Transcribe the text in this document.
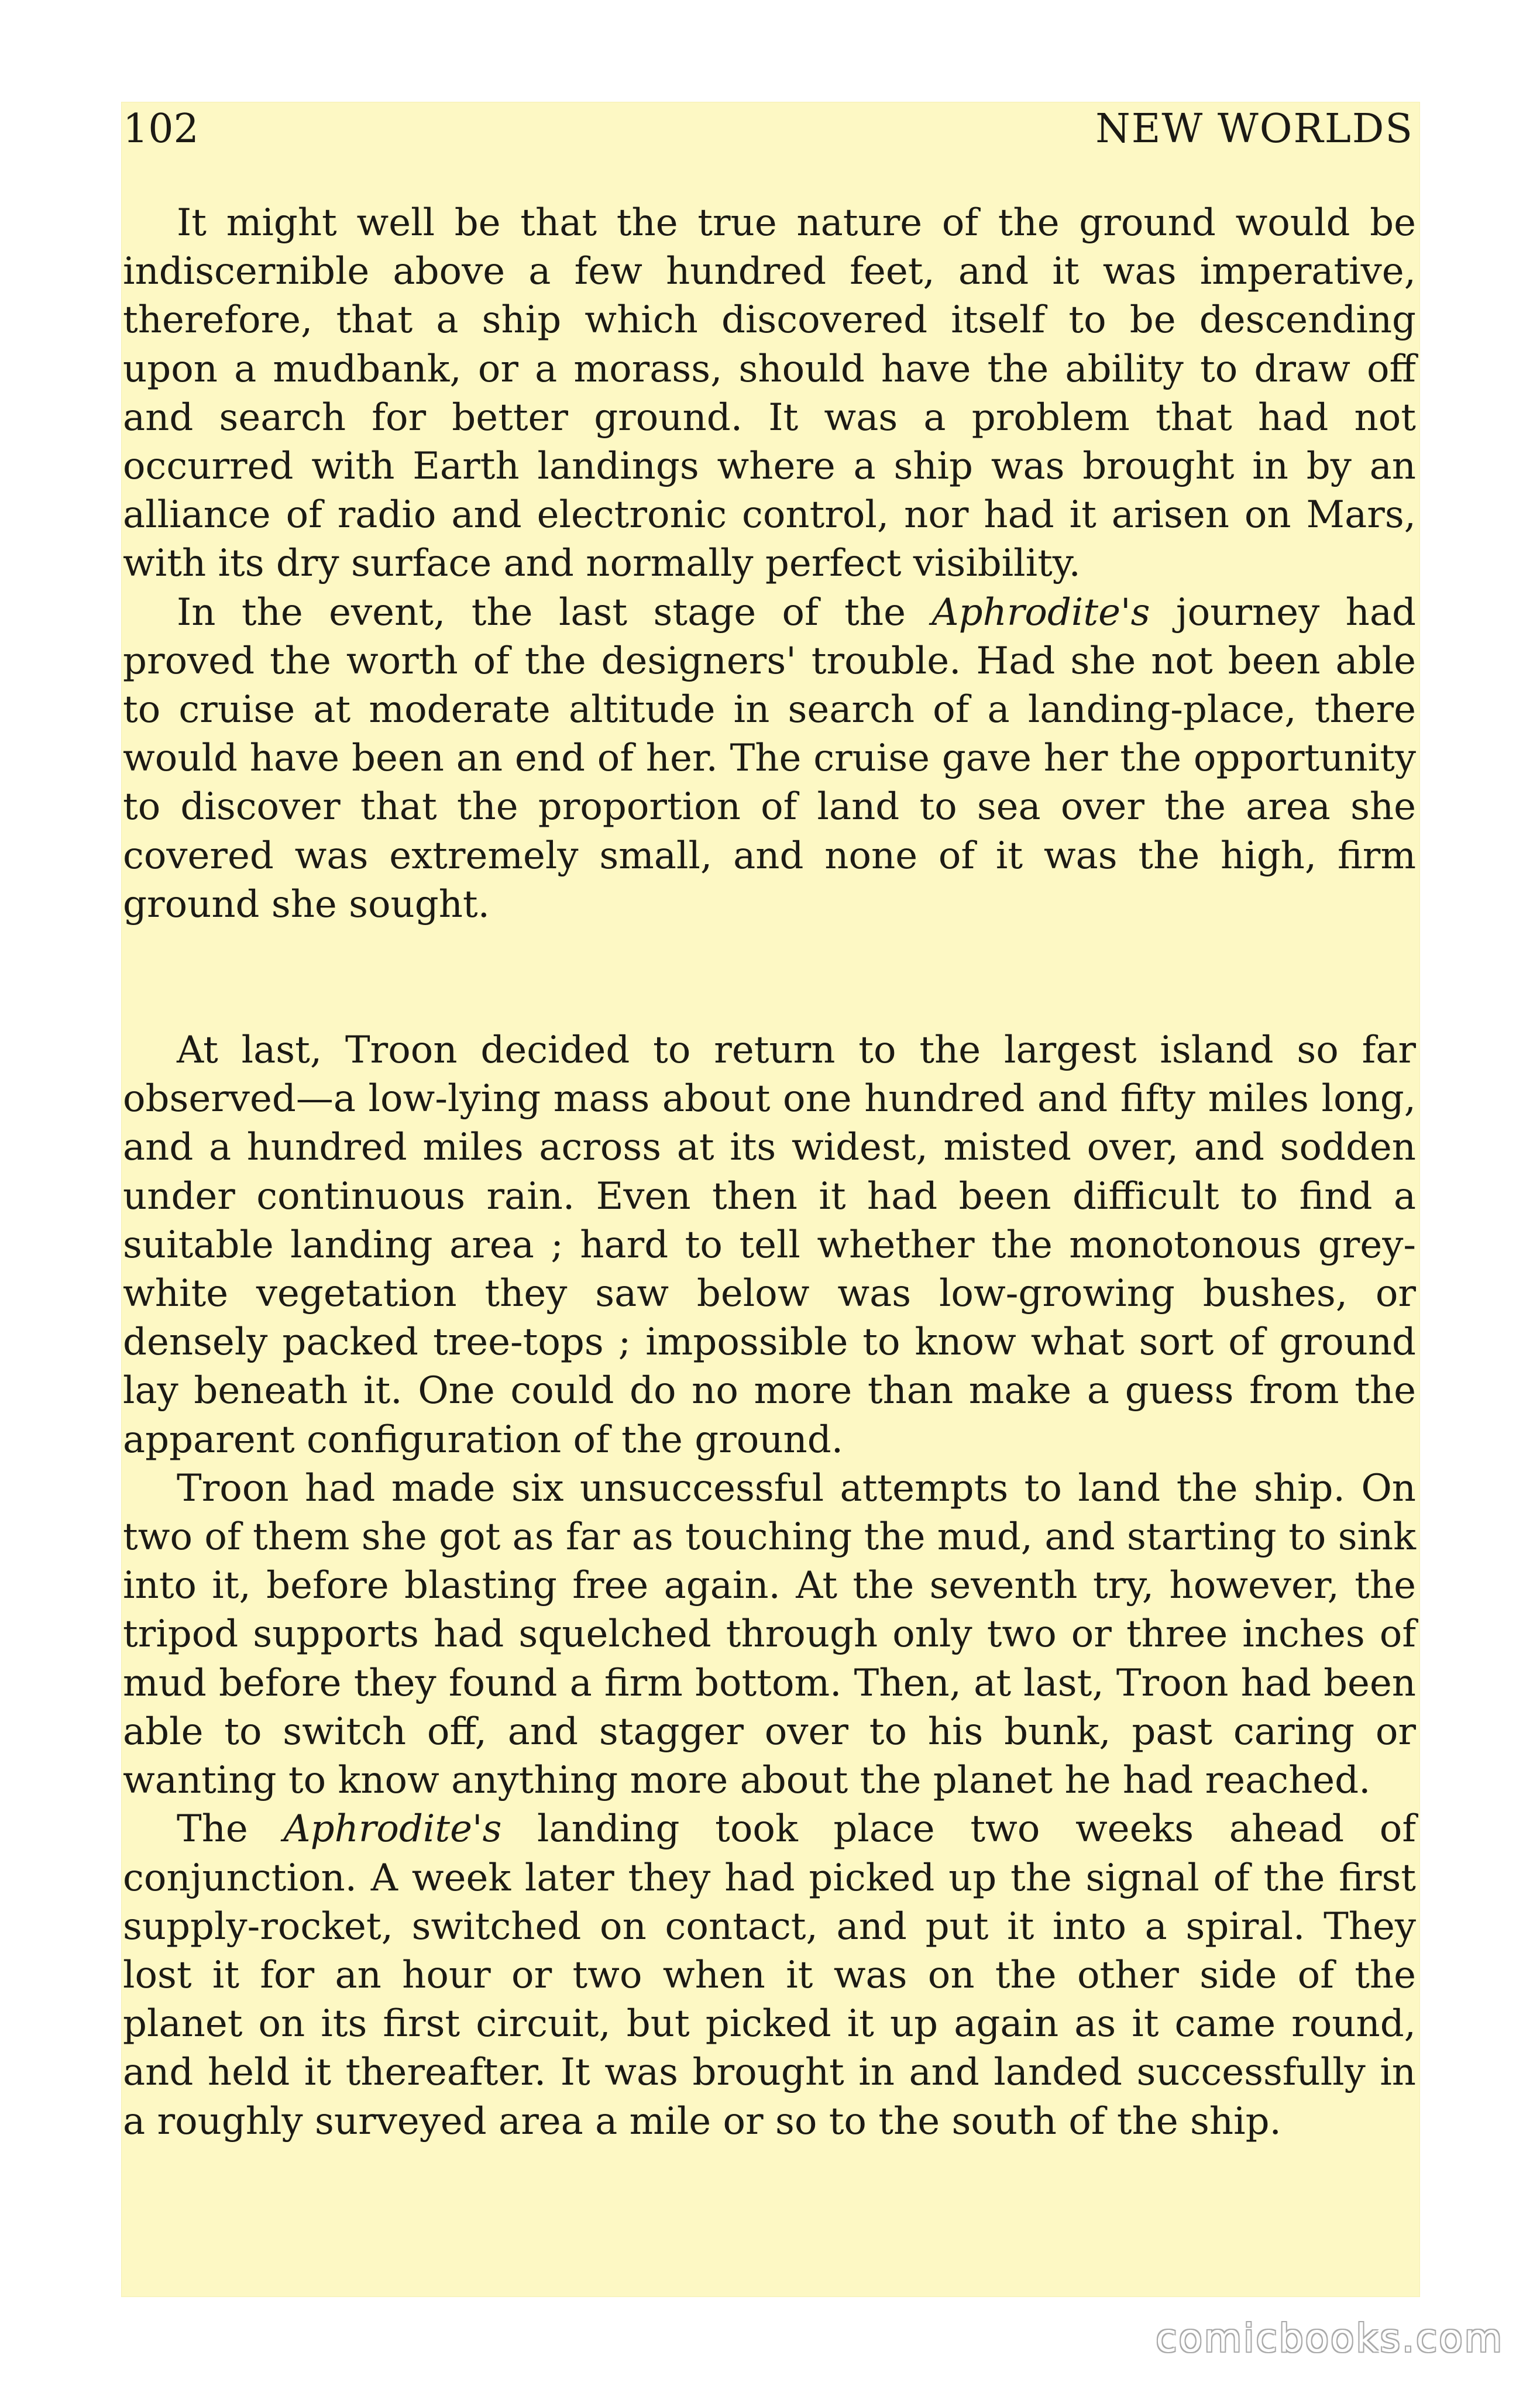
102	NEW WORLDS

It might well be that the true nature of the ground would be indiscernible above a few hundred feet, and it was imperative, therefore, that a ship which discovered itself to be descending upon a mudbank, or a morass, should have the ability to draw off and search for better ground. It was a problem that had not occurred with Earth landings where a ship was brought in by an alliance of radio and electronic control, nor had it arisen on Mars, with its dry surface and normally perfect visibility.

In the event, the last stage of the Aphrodite's journey had proved the worth of the designers' trouble. Had she not been able to cruise at moderate altitude in search of a landing-place, there would have been an end of her. The cruise gave her the opportunity to discover that the proportion of land to sea over the area she covered was extremely small, and none of it was the high, firm ground she sought.

At last, Troon decided to return to the largest island so far observed—a low-lying mass about one hundred and fifty miles long, and a hundred miles across at its widest, misted over, and sodden under continuous rain. Even then it had been difficult to find a suitable landing area ; hard to tell whether the monotonous grey-white vegetation they saw below was low-growing bushes, or densely packed tree-tops ; impossible to know what sort of ground lay beneath it. One could do no more than make a guess from the apparent configuration of the ground.

Troon had made six unsuccessful attempts to land the ship. On two of them she got as far as touching the mud, and starting to sink into it, before blasting free again. At the seventh try, however, the tripod supports had squelched through only two or three inches of mud before they found a firm bottom. Then, at last, Troon had been able to switch off, and stagger over to his bunk, past caring or wanting to know anything more about the planet he had reached.

The Aphrodite's landing took place two weeks ahead of conjunction. A week later they had picked up the signal of the first supply-rocket, switched on contact, and put it into a spiral. They lost it for an hour or two when it was on the other side of the planet on its first circuit, but picked it up again as it came round, and held it thereafter. It was brought in and landed successfully in a roughly surveyed area a mile or so to the south of the ship.

comicbooks.com
